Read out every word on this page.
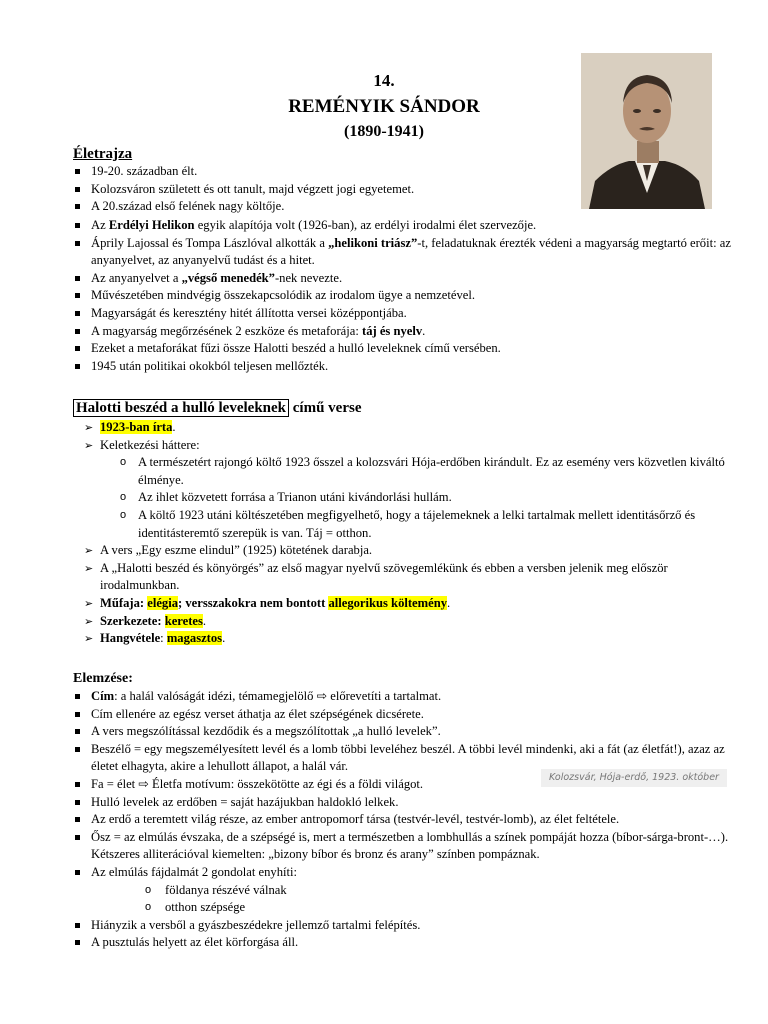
14.
REMÉNYIK SÁNDOR
(1890-1941)
Életrajza
19-20. században élt.
Kolozsváron született és ott tanult, majd végzett jogi egyetemet.
A 20.század első felének nagy költője.
Az Erdélyi Helikon egyik alapítója volt (1926-ban), az erdélyi irodalmi élet szervezője.
Áprily Lajossal és Tompa Lászlóval alkották a „helikoni triász”-t, feladatuknak érezték védeni a magyarság megtartó erőit: az anyanyelvet, az anyanyelvű tudást és a hitet.
Az anyanyelvet a „végső menedék”-nek nevezte.
Művészetében mindvégig összekapcsolódik az irodalom ügye a nemzetével.
Magyarságát és keresztény hitét állította versei középpontjába.
A magyarság megőrzésének 2 eszköze és metaforája: táj és nyelv.
Ezeket a metaforákat fűzi össze Halotti beszéd a hulló leveleknek című versében.
1945 után politikai okokból teljesen mellőzték.
Halotti beszéd a hulló leveleknek című verse
➢ 1923-ban írta.
➢ Keletkezési háttere:
o A természetért rajongó költő 1923 ősszel a kolozsvári Hója-erdőben kirándult. Ez az esemény vers közvetlen kiváltó élménye.
o Az ihlet közvetett forrása a Trianon utáni kivándorlási hullám.
o A költő 1923 utáni költészetében megfigyelhető, hogy a tájelemeknek a lelki tartalmak mellett identitásőrző és identitásteremtő szerepük is van. Táj = otthon.
➢ A vers „Egy eszme elindul” (1925) kötetének darabja.
➢ A „Halotti beszéd és könyörgés” az első magyar nyelvű szövegemlékünk és ebben a versben jelenik meg először irodalmunkban.
➢ Műfaja: elégia; versszakokra nem bontott allegorikus költemény.
➢ Szerkezete: keretes.
➢ Hangvétele: magasztos.
Elemzése:
Cím: a halál valóságát idézi, témamegjelölő ⇨ előrevetíti a tartalmat.
Cím ellenére az egész verset áthatja az élet szépségének dicsérete.
A vers megszólítással kezdődik és a megszólítottak „a hulló levelek”.
Beszélő = egy megszemélyesített levél és a lomb többi leveléhez beszél. A többi levél mindenki, aki a fát (az életfát!), azaz az életet elhagyta, akire a lehullott állapot, a halál vár.
Fa = élet ⇨ Életfa motívum: összekötötte az égi és a földi világot.
Hulló levelek az erdőben = saját hazájukban haldokló lelkek.
Az erdő a teremtett világ része, az ember antropomorf társa (testvér-levél, testvér-lomb), az élet feltétele.
Ősz = az elmúlás évszaka, de a szépségé is, mert a természetben a lombhullás a színek pompáját hozza (bíbor-sárga-bront-…). Kétszeres alliterációval kiemelten: „bizony bíbor és bronz és arany” színben pompáznak.
Az elmúlás fájdalmát 2 gondolat enyhíti:
o földanya részévé válnak
o otthon szépsége
Hiányzik a versből a gyászbeszédekre jellemző tartalmi felépítés.
A pusztulás helyett az élet körforgása áll.
Kolozsvár, Hója-erdő, 1923. október
